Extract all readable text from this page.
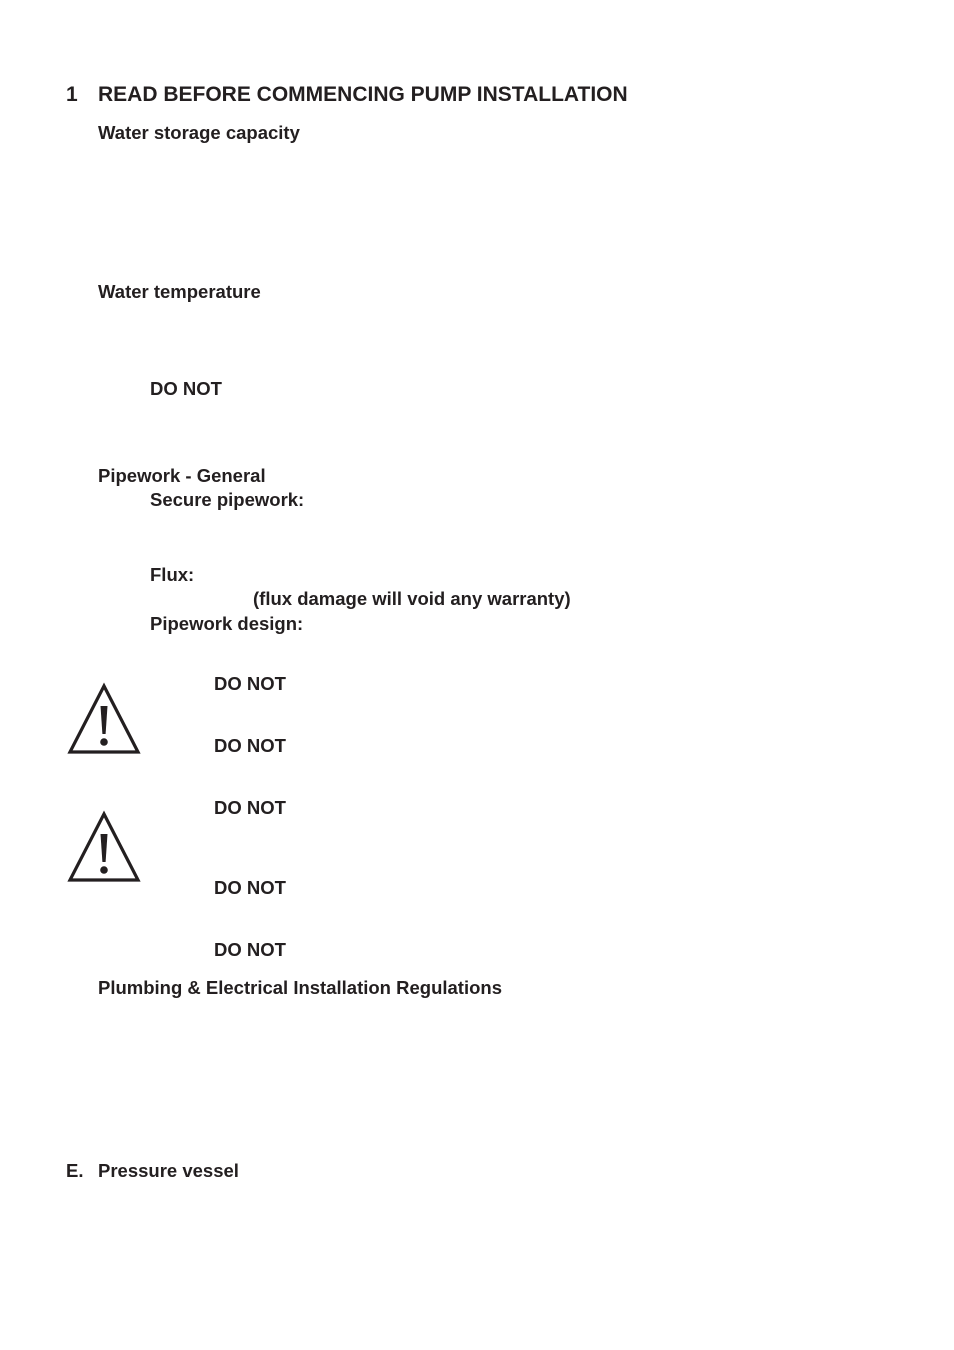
1 READ BEFORE COMMENCING PUMP INSTALLATION
Water storage capacity
Water temperature
DO NOT
Pipework - General
Secure pipework:
Flux:
(flux damage will void any warranty)
Pipework design:
DO NOT
DO NOT
DO NOT
DO NOT
DO NOT
Plumbing & Electrical Installation Regulations
E. Pressure vessel
